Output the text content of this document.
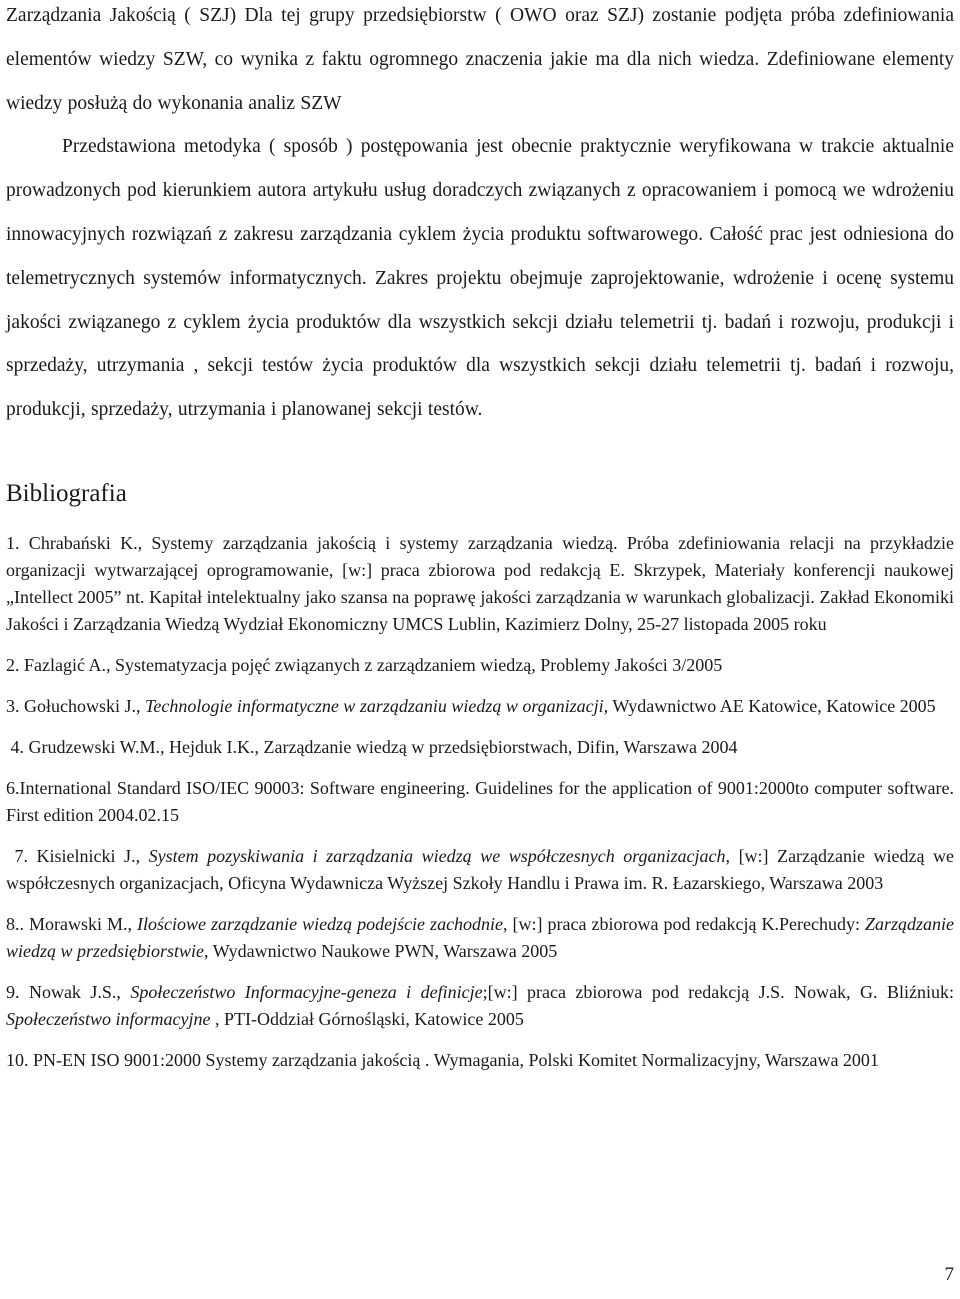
Zarządzania Jakością ( SZJ) Dla tej grupy przedsiębiorstw ( OWO oraz SZJ) zostanie podjęta próba zdefiniowania elementów wiedzy SZW, co wynika z faktu ogromnego znaczenia jakie ma dla nich wiedza. Zdefiniowane elementy wiedzy posłużą do wykonania analiz SZW

Przedstawiona metodyka ( sposób ) postępowania jest obecnie praktycznie weryfikowana w trakcie aktualnie prowadzonych pod kierunkiem autora artykułu usług doradczych związanych z opracowaniem i pomocą we wdrożeniu innowacyjnych rozwiązań z zakresu zarządzania cyklem życia produktu softwarowego. Całość prac jest odniesiona do telemetrycznych systemów informatycznych. Zakres projektu obejmuje zaprojektowanie, wdrożenie i ocenę systemu jakości związanego z cyklem życia produktów dla wszystkich sekcji działu telemetrii tj. badań i rozwoju, produkcji i sprzedaży, utrzymania , sekcji testów życia produktów dla wszystkich sekcji działu telemetrii tj. badań i rozwoju, produkcji, sprzedaży, utrzymania i planowanej sekcji testów.

Bibliografia

1. Chrabański K., Systemy zarządzania jakością i systemy zarządzania wiedzą. Próba zdefiniowania relacji na przykładzie organizacji wytwarzającej oprogramowanie, [w:] praca zbiorowa pod redakcją E. Skrzypek, Materiały konferencji naukowej „Intellect 2005” nt. Kapitał intelektualny jako szansa na poprawę jakości zarządzania w warunkach globalizacji. Zakład Ekonomiki Jakości i Zarządzania Wiedzą Wydział Ekonomiczny UMCS Lublin, Kazimierz Dolny, 25-27 listopada 2005 roku

2. Fazlagić A., Systematyzacja pojęć związanych z zarządzaniem wiedzą, Problemy Jakości 3/2005

3. Gołuchowski J., Technologie informatyczne w zarządzaniu wiedzą w organizacji, Wydawnictwo AE Katowice, Katowice 2005

4. Grudzewski W.M., Hejduk I.K., Zarządzanie wiedzą w przedsiębiorstwach, Difin, Warszawa 2004

6.International Standard ISO/IEC 90003: Software engineering. Guidelines for the application of 9001:2000to computer software. First edition 2004.02.15

7. Kisielnicki J., System pozyskiwania i zarządzania wiedzą we współczesnych organizacjach, [w:] Zarządzanie wiedzą we współczesnych organizacjach, Oficyna Wydawnicza Wyższej Szkoły Handlu i Prawa im. R. Łazarskiego, Warszawa 2003

8.. Morawski M., Ilościowe zarządzanie wiedzą podejście zachodnie, [w:] praca zbiorowa pod redakcją K.Perechudy: Zarządzanie wiedzą w przedsiębiorstwie, Wydawnictwo Naukowe PWN, Warszawa 2005

9. Nowak J.S., Społeczeństwo Informacyjne-geneza i definicje;[w:] praca zbiorowa pod redakcją J.S. Nowak, G. Bliźniuk: Społeczeństwo informacyjne , PTI-Oddział Górnośląski, Katowice 2005

10. PN-EN ISO 9001:2000 Systemy zarządzania jakością . Wymagania, Polski Komitet Normalizacyjny, Warszawa 2001

7
